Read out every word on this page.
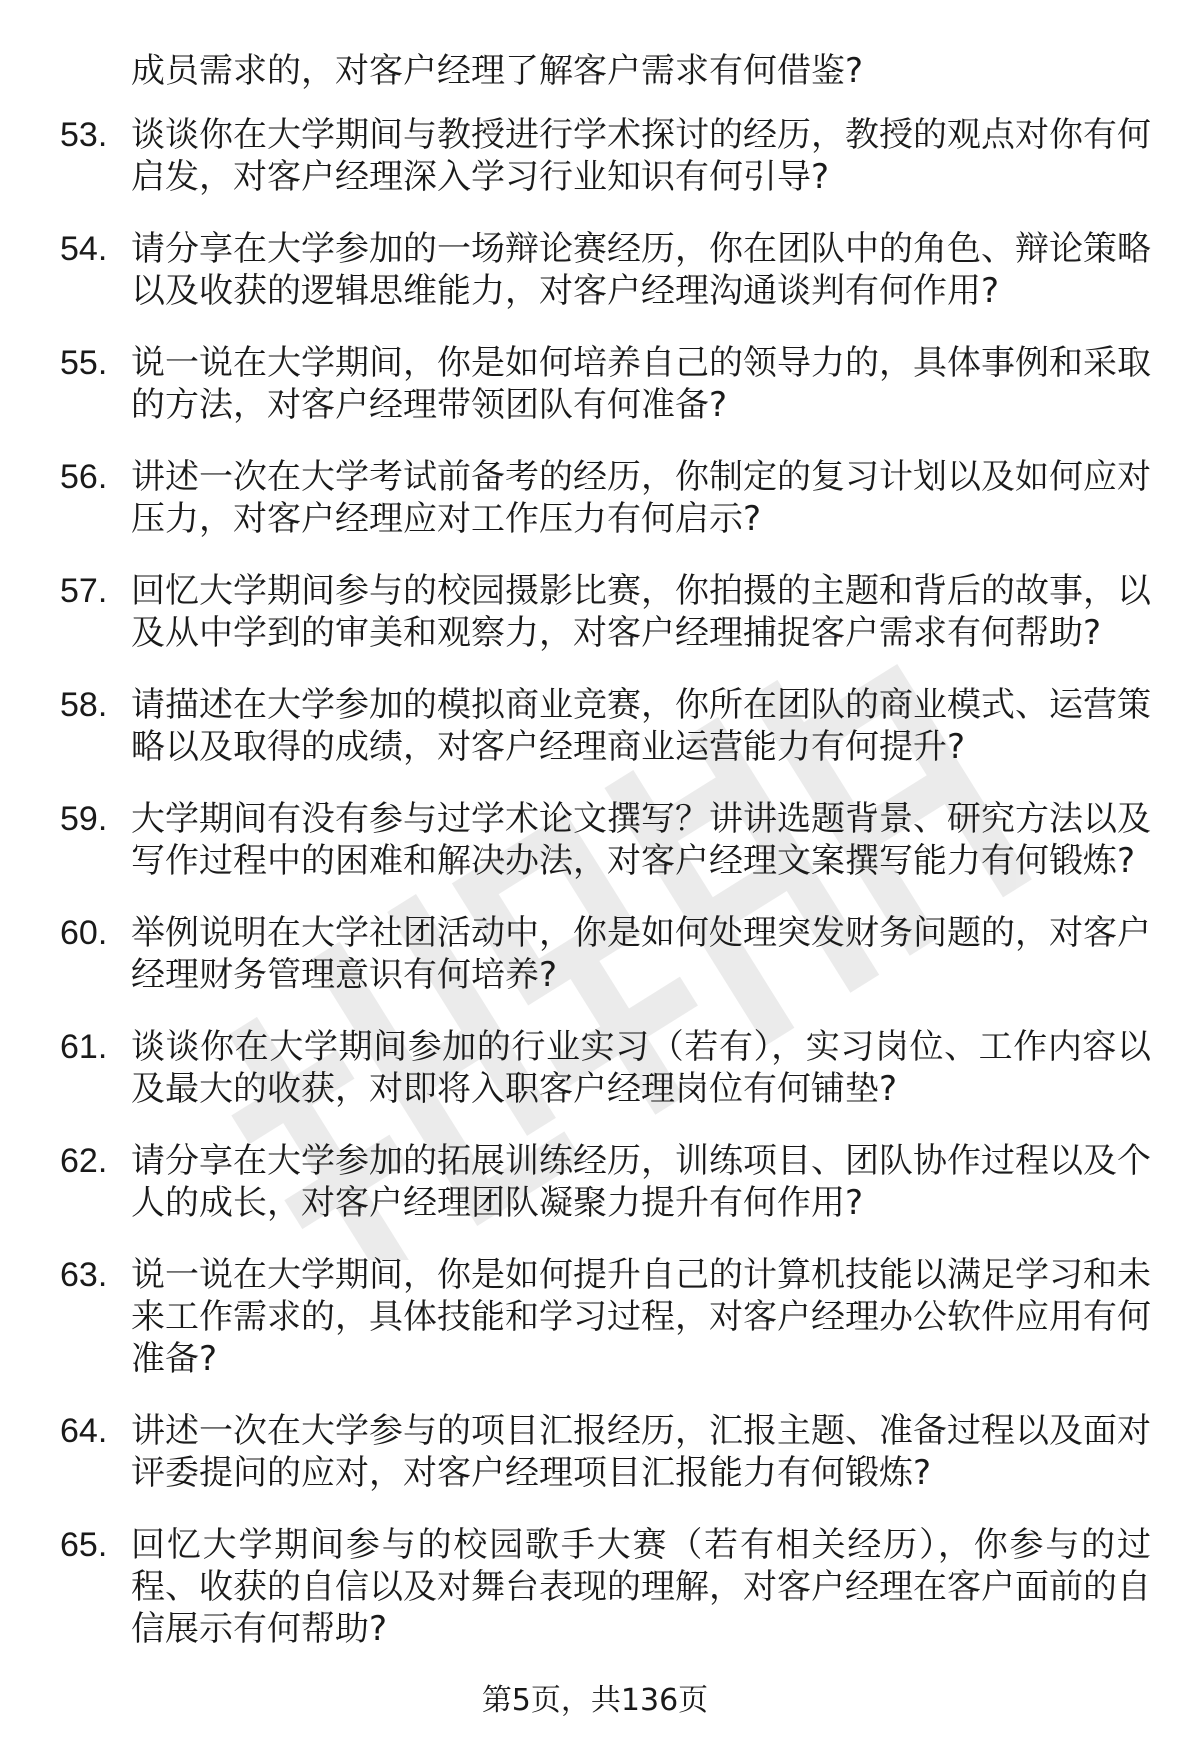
成员需求的，对客户经理了解客户需求有何借鉴?
53. 谈谈你在大学期间与教授进行学术探讨的经历，教授的观点对你有何启发，对客户经理深入学习行业知识有何引导?
54. 请分享在大学参加的一场辩论赛经历，你在团队中的角色、辩论策略以及收获的逻辑思维能力，对客户经理沟通谈判有何作用?
55. 说一说在大学期间，你是如何培养自己的领导力的，具体事例和采取的方法，对客户经理带领团队有何准备?
56. 讲述一次在大学考试前备考的经历，你制定的复习计划以及如何应对压力，对客户经理应对工作压力有何启示?
57. 回忆大学期间参与的校园摄影比赛，你拍摄的主题和背后的故事，以及从中学到的审美和观察力，对客户经理捕捉客户需求有何帮助?
58. 请描述在大学参加的模拟商业竞赛，你所在团队的商业模式、运营策略以及取得的成绩，对客户经理商业运营能力有何提升?
59. 大学期间有没有参与过学术论文撰写？讲讲选题背景、研究方法以及写作过程中的困难和解决办法，对客户经理文案撰写能力有何锻炼?
60. 举例说明在大学社团活动中，你是如何处理突发财务问题的，对客户经理财务管理意识有何培养?
61. 谈谈你在大学期间参加的行业实习（若有），实习岗位、工作内容以及最大的收获，对即将入职客户经理岗位有何铺垫?
62. 请分享在大学参加的拓展训练经历，训练项目、团队协作过程以及个人的成长，对客户经理团队凝聚力提升有何作用?
63. 说一说在大学期间，你是如何提升自己的计算机技能以满足学习和未来工作需求的，具体技能和学习过程，对客户经理办公软件应用有何准备?
64. 讲述一次在大学参与的项目汇报经历，汇报主题、准备过程以及面对评委提问的应对，对客户经理项目汇报能力有何锻炼?
65. 回忆大学期间参与的校园歌手大赛（若有相关经历），你参与的过程、收获的自信以及对舞台表现的理解，对客户经理在客户面前的自信展示有何帮助?
第5页，共136页
